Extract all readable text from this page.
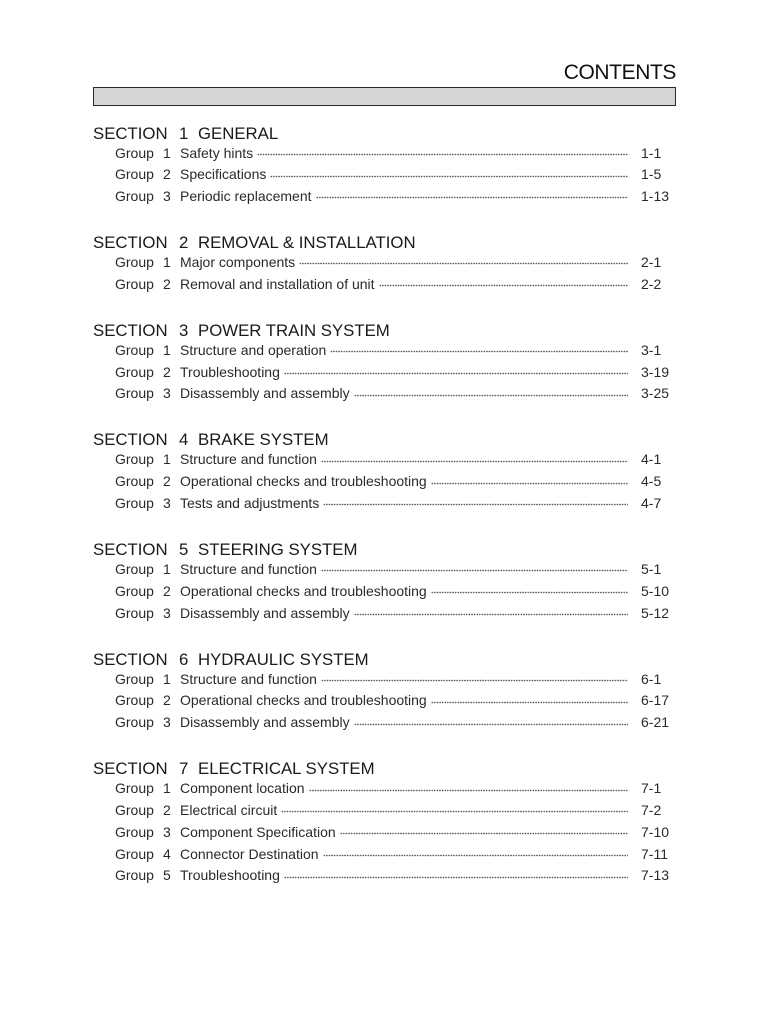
CONTENTS
SECTION 1 GENERAL
Group 1 Safety hints	1-1
Group 2 Specifications	1-5
Group 3 Periodic replacement	1-13
SECTION 2 REMOVAL & INSTALLATION
Group 1 Major components	2-1
Group 2 Removal and installation of unit	2-2
SECTION 3 POWER TRAIN SYSTEM
Group 1 Structure and operation	3-1
Group 2 Troubleshooting	3-19
Group 3 Disassembly and assembly	3-25
SECTION 4 BRAKE SYSTEM
Group 1 Structure and function	4-1
Group 2 Operational checks and troubleshooting	4-5
Group 3 Tests and adjustments	4-7
SECTION 5 STEERING SYSTEM
Group 1 Structure and function	5-1
Group 2 Operational checks and troubleshooting	5-10
Group 3 Disassembly and assembly	5-12
SECTION 6 HYDRAULIC SYSTEM
Group 1 Structure and function	6-1
Group 2 Operational checks and troubleshooting	6-17
Group 3 Disassembly and assembly	6-21
SECTION 7 ELECTRICAL SYSTEM
Group 1 Component location	7-1
Group 2 Electrical circuit	7-2
Group 3 Component Specification	7-10
Group 4 Connector Destination	7-11
Group 5 Troubleshooting	7-13
